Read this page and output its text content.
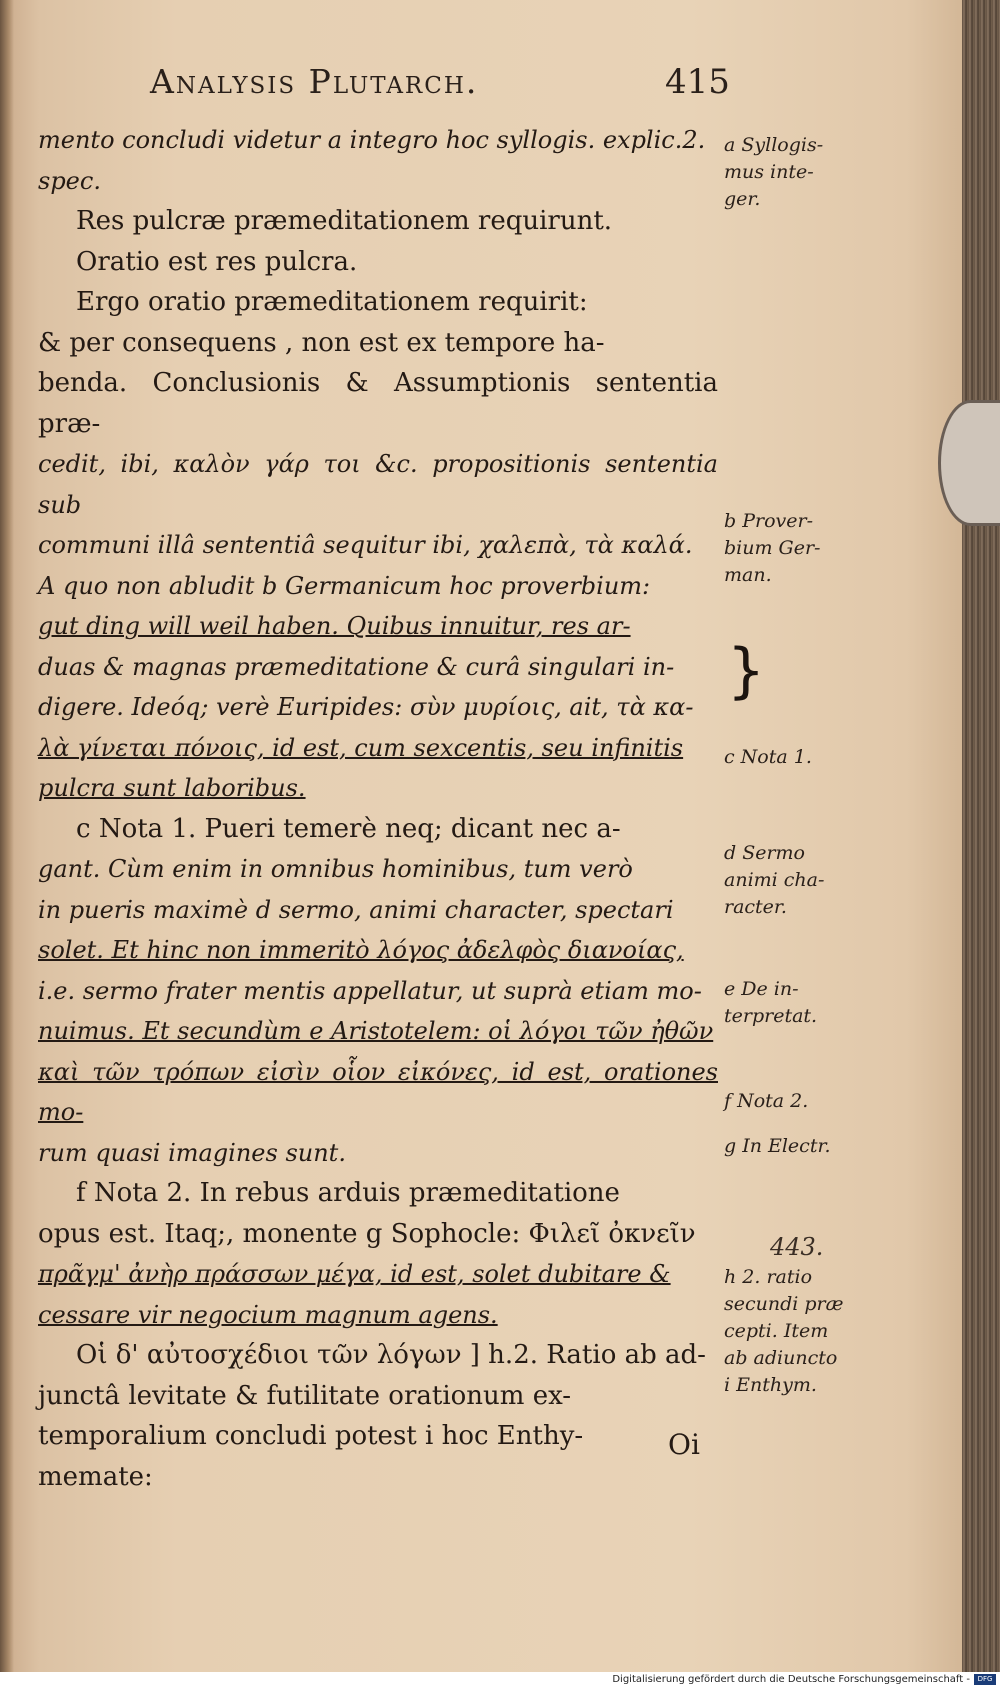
Analysis Plutarch.	415

mento concludi videtur a integro hoc syllogis. explic.2.

spec.

Res pulcræ præmeditationem requirunt.

Oratio est res pulcra.

Ergo oratio præmeditationem requirit:

& per consequens , non est ex tempore ha-

benda. Conclusionis & Assumptionis sententia præ-

cedit, ibi, καλὸν γάρ τοι &c. propositionis sententia sub

communi illâ sententiâ sequitur ibi, χαλεπὰ, τὰ καλά.

A quo non abludit b Germanicum hoc proverbium:

gut ding will weil haben. Quibus innuitur, res ar-

duas & magnas præmeditatione & curâ singulari in-

digere. Ideóq; verè Euripides: σὺν μυρίοις, ait, τὰ κα-

λὰ γίνεται πόνοις, id est, cum sexcentis, seu infinitis

pulcra sunt laboribus.

c Nota 1. Pueri temerè neq; dicant nec a-

gant. Cùm enim in omnibus hominibus, tum verò

in pueris maximè d sermo, animi character, spectari

solet. Et hinc non immeritò λόγος ἀδελφὸς διανοίας,

i.e. sermo frater mentis appellatur, ut suprà etiam mo-

nuimus. Et secundùm e Aristotelem: οἱ λόγοι τῶν ἠθῶν

καὶ τῶν τρόπων εἰσὶν οἷον εἰκόνες, id est, orationes mo-

rum quasi imagines sunt.

f Nota 2. In rebus arduis præmeditatione

opus est. Itaq;, monente g Sophocle: Φιλεῖ ὀκνεῖν

πρᾶγμ' ἀνὴρ πράσσων μέγα, id est, solet dubitare &

cessare vir negocium magnum agens.

Οἱ δ' αὐτοσχέδιοι τῶν λόγων ] h.2. Ratio ab ad-

junctâ levitate & futilitate orationum ex-

temporalium concludi potest i hoc Enthy-

memate:

a Syllogis-
mus inte-
ger.
b Prover-
bium Ger-
man.
c Nota 1.
d Sermo
animi cha-
racter.
e De in-
terpretat.
f Nota 2.
g In Electr.
h 2. ratio
secundi præ
cepti. Item
ab adiuncto
i Enthym.
}
443.
Oi
Digitalisierung gefördert durch die Deutsche Forschungsgemeinschaft -	DFG
